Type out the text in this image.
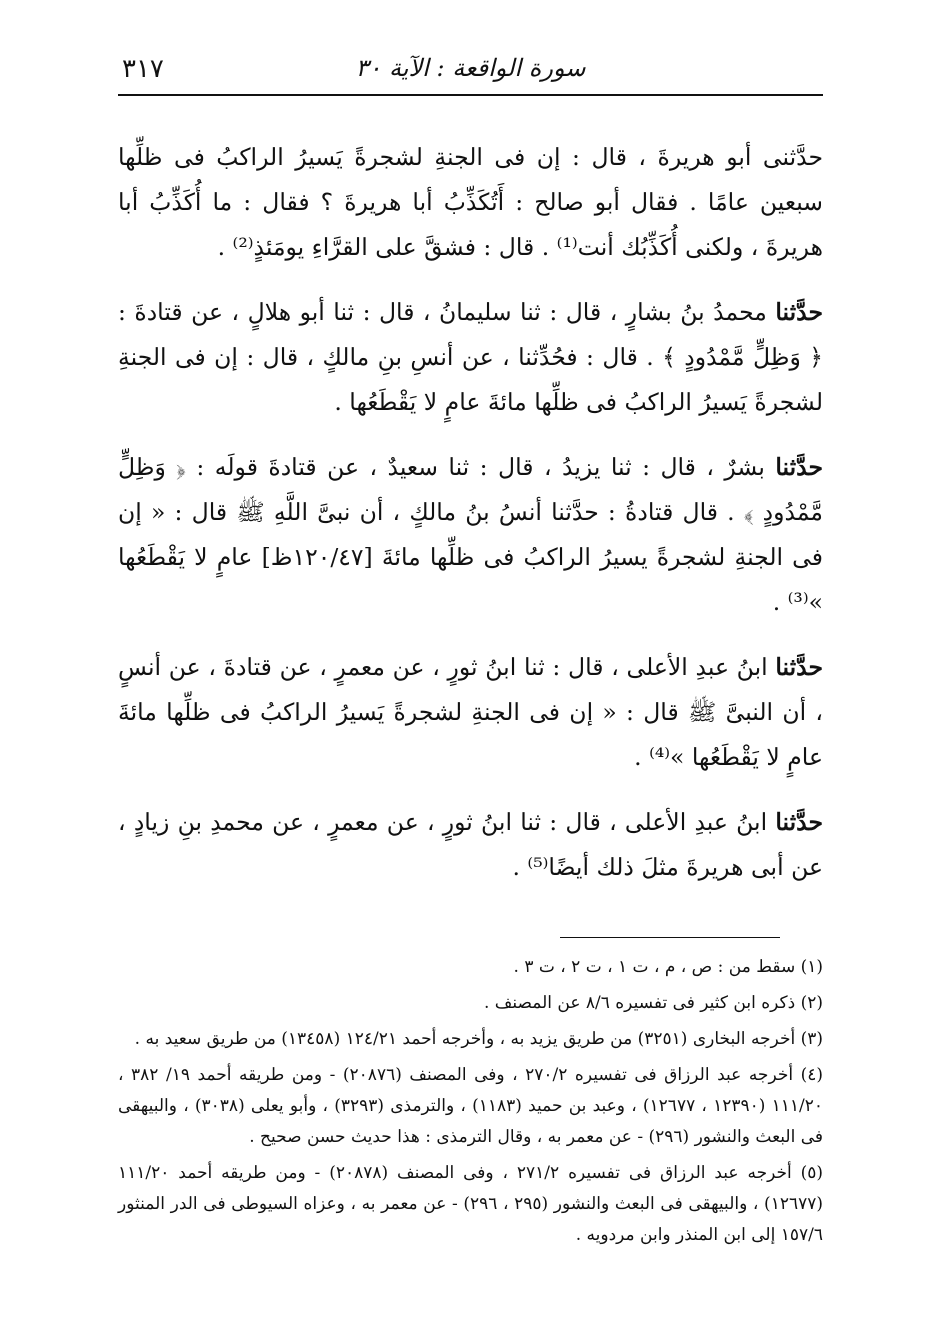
٣١٧	سورة الواقعة : الآية ٣٠

حدَّثنى أبو هريرةَ ، قال : إن فى الجنةِ لشجرةً يَسيرُ الراكبُ فى ظلِّها سبعين عامًا . فقال أبو صالح : أَتُكَذِّبُ أبا هريرةَ ؟ فقال : ما أُكَذِّبُ أبا هريرةَ ، ولكنى أُكَذِّبُك أنت⁽¹⁾ . قال : فشقَّ على القرَّاءِ يومَئذٍ⁽²⁾ .

حدَّثنا محمدُ بنُ بشارٍ ، قال : ثنا سليمانُ ، قال : ثنا أبو هلالٍ ، عن قتادةَ : ﴿ وَظِلٍّ مَّمْدُودٍ ﴾ . قال : فحُدِّثنا ، عن أنسِ بنِ مالكٍ ، قال : إن فى الجنةِ لشجرةً يَسيرُ الراكبُ فى ظلِّها مائةَ عامٍ لا يَقْطَعُها .

حدَّثنا بشرٌ ، قال : ثنا يزيدُ ، قال : ثنا سعيدٌ ، عن قتادةَ قولَه : ﴿ وَظِلٍّ مَّمْدُودٍ ﴾ . قال قتادةُ : حدَّثنا أنسُ بنُ مالكٍ ، أن نبىَّ اللَّهِ ﷺ قال : « إن فى الجنةِ لشجرةً يسيرُ الراكبُ فى ظلِّها مائةَ [١٢٠/٤٧ظ] عامٍ لا يَقْطَعُها »⁽³⁾ .

حدَّثنا ابنُ عبدِ الأعلى ، قال : ثنا ابنُ ثورٍ ، عن معمرٍ ، عن قتادةَ ، عن أنسٍ ، أن النبىَّ ﷺ قال : « إن فى الجنةِ لشجرةً يَسيرُ الراكبُ فى ظلِّها مائةَ عامٍ لا يَقْطَعُها »⁽⁴⁾ .

حدَّثنا ابنُ عبدِ الأعلى ، قال : ثنا ابنُ ثورٍ ، عن معمرٍ ، عن محمدِ بنِ زيادٍ ، عن أبى هريرةَ مثلَ ذلك أيضًا⁽⁵⁾ .

(١) سقط من : ص ، م ، ت ١ ، ت ٢ ، ت ٣ .

(٢) ذكره ابن كثير فى تفسيره ٨/٦ عن المصنف .

(٣) أخرجه البخارى (٣٢٥١) من طريق يزيد به ، وأخرجه أحمد ١٢٤/٢١ (١٣٤٥٨) من طريق سعيد به .

(٤) أخرجه عبد الرزاق فى تفسيره ٢٧٠/٢ ، وفى المصنف (٢٠٨٧٦) - ومن طريقه أحمد ١٩/ ٣٨٢ ، ١١١/٢٠ (١٢٣٩٠ ، ١٢٦٧٧) ، وعبد بن حميد (١١٨٣) ، والترمذى (٣٢٩٣) ، وأبو يعلى (٣٠٣٨) ، والبيهقى فى البعث والنشور (٢٩٦) - عن معمر به ، وقال الترمذى : هذا حديث حسن صحيح .

(٥) أخرجه عبد الرزاق فى تفسيره ٢٧١/٢ ، وفى المصنف (٢٠٨٧٨) - ومن طريقه أحمد ١١١/٢٠ (١٢٦٧٧) ، والبيهقى فى البعث والنشور (٢٩٥ ، ٢٩٦) - عن معمر به ، وعزاه السيوطى فى الدر المنثور ١٥٧/٦ إلى ابن المنذر وابن مردويه .
